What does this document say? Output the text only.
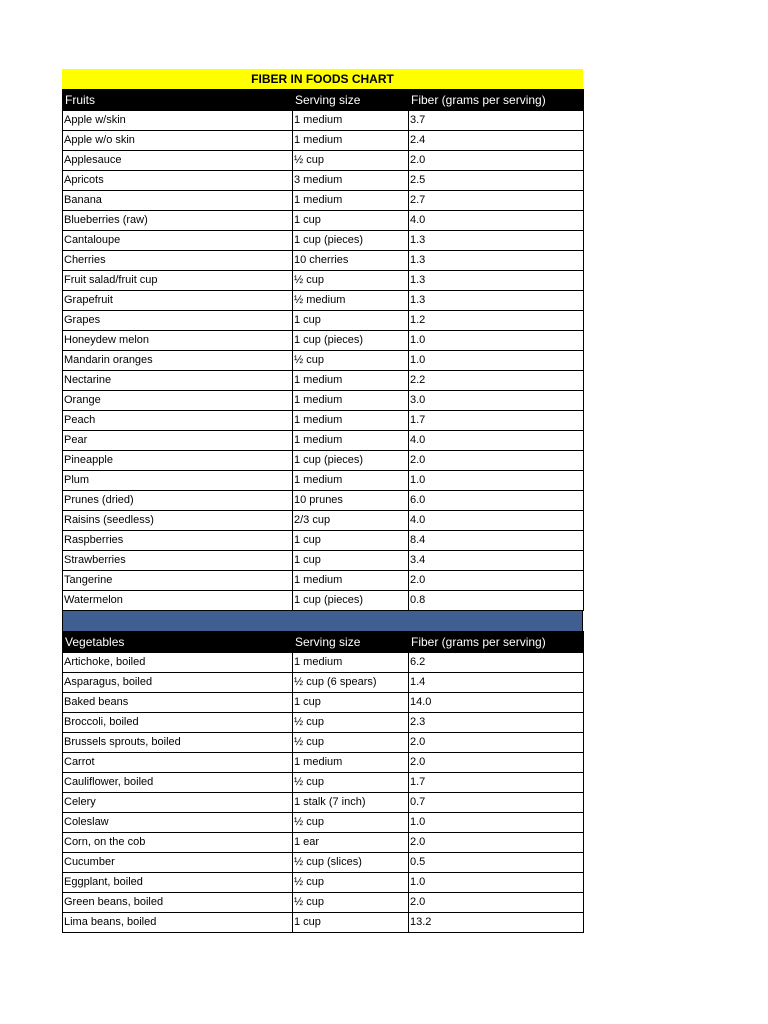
FIBER IN FOODS CHART
Fruits	Serving size	Fiber (grams per serving)
Apple w/skin	1 medium	3.7
Apple w/o skin	1 medium	2.4
Applesauce	½ cup	2.0
Apricots	3 medium	2.5
Banana	1 medium	2.7
Blueberries (raw)	1 cup	4.0
Cantaloupe	1 cup (pieces)	1.3
Cherries	10 cherries	1.3
Fruit salad/fruit cup	½ cup	1.3
Grapefruit	½ medium	1.3
Grapes	1 cup	1.2
Honeydew melon	1 cup (pieces)	1.0
Mandarin oranges	½ cup	1.0
Nectarine	1 medium	2.2
Orange	1 medium	3.0
Peach	1 medium	1.7
Pear	1 medium	4.0
Pineapple	1 cup (pieces)	2.0
Plum	1 medium	1.0
Prunes (dried)	10 prunes	6.0
Raisins (seedless)	2/3 cup	4.0
Raspberries	1 cup	8.4
Strawberries	1 cup	3.4
Tangerine	1 medium	2.0
Watermelon	1 cup (pieces)	0.8
Vegetables	Serving size	Fiber (grams per serving)
Artichoke, boiled	1 medium	6.2
Asparagus, boiled	½ cup (6 spears)	1.4
Baked beans	1 cup	14.0
Broccoli, boiled	½ cup	2.3
Brussels sprouts, boiled	½ cup	2.0
Carrot	1 medium	2.0
Cauliflower, boiled	½ cup	1.7
Celery	1 stalk (7 inch)	0.7
Coleslaw	½ cup	1.0
Corn, on the cob	1 ear	2.0
Cucumber	½ cup (slices)	0.5
Eggplant, boiled	½ cup	1.0
Green beans, boiled	½ cup	2.0
Lima beans, boiled	1 cup	13.2
